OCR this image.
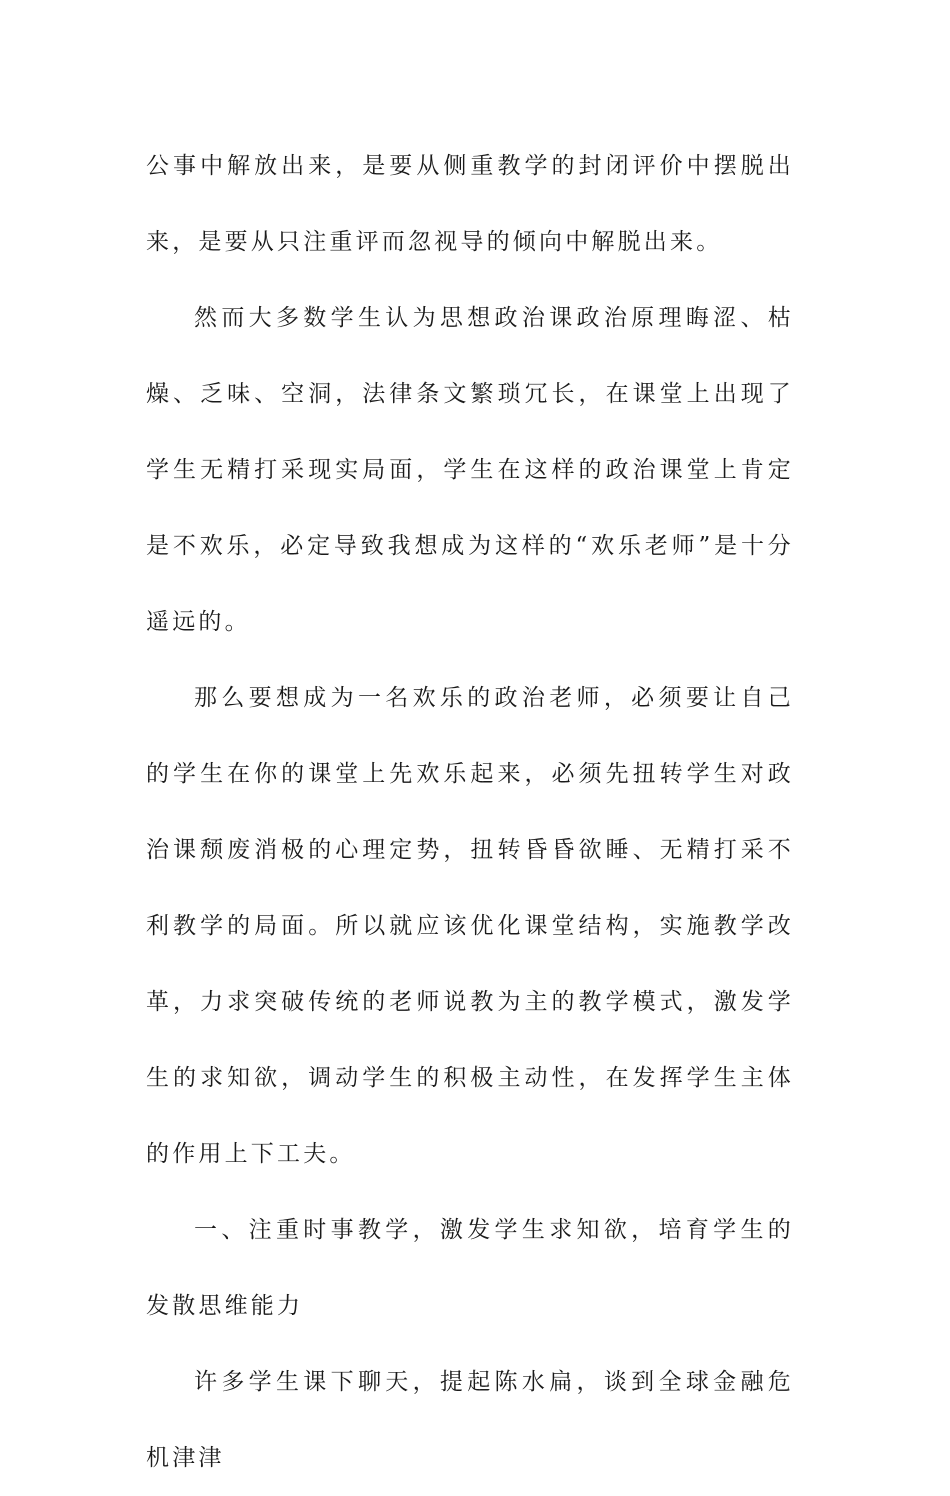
公事中解放出来，是要从侧重教学的封闭评价中摆脱出来，是要从只注重评而忽视导的倾向中解脱出来。

然而大多数学生认为思想政治课政治原理晦涩、枯燥、乏味、空洞，法律条文繁琐冗长，在课堂上出现了学生无精打采现实局面，学生在这样的政治课堂上肯定是不欢乐，必定导致我想成为这样的“欢乐老师”是十分遥远的。

那么要想成为一名欢乐的政治老师，必须要让自己的学生在你的课堂上先欢乐起来，必须先扭转学生对政治课颓废消极的心理定势，扭转昏昏欲睡、无精打采不利教学的局面。所以就应该优化课堂结构，实施教学改革，力求突破传统的老师说教为主的教学模式，激发学生的求知欲，调动学生的积极主动性，在发挥学生主体的作用上下工夫。

一、注重时事教学，激发学生求知欲，培育学生的发散思维能力

许多学生课下聊天，提起陈水扁，谈到全球金融危机津津
